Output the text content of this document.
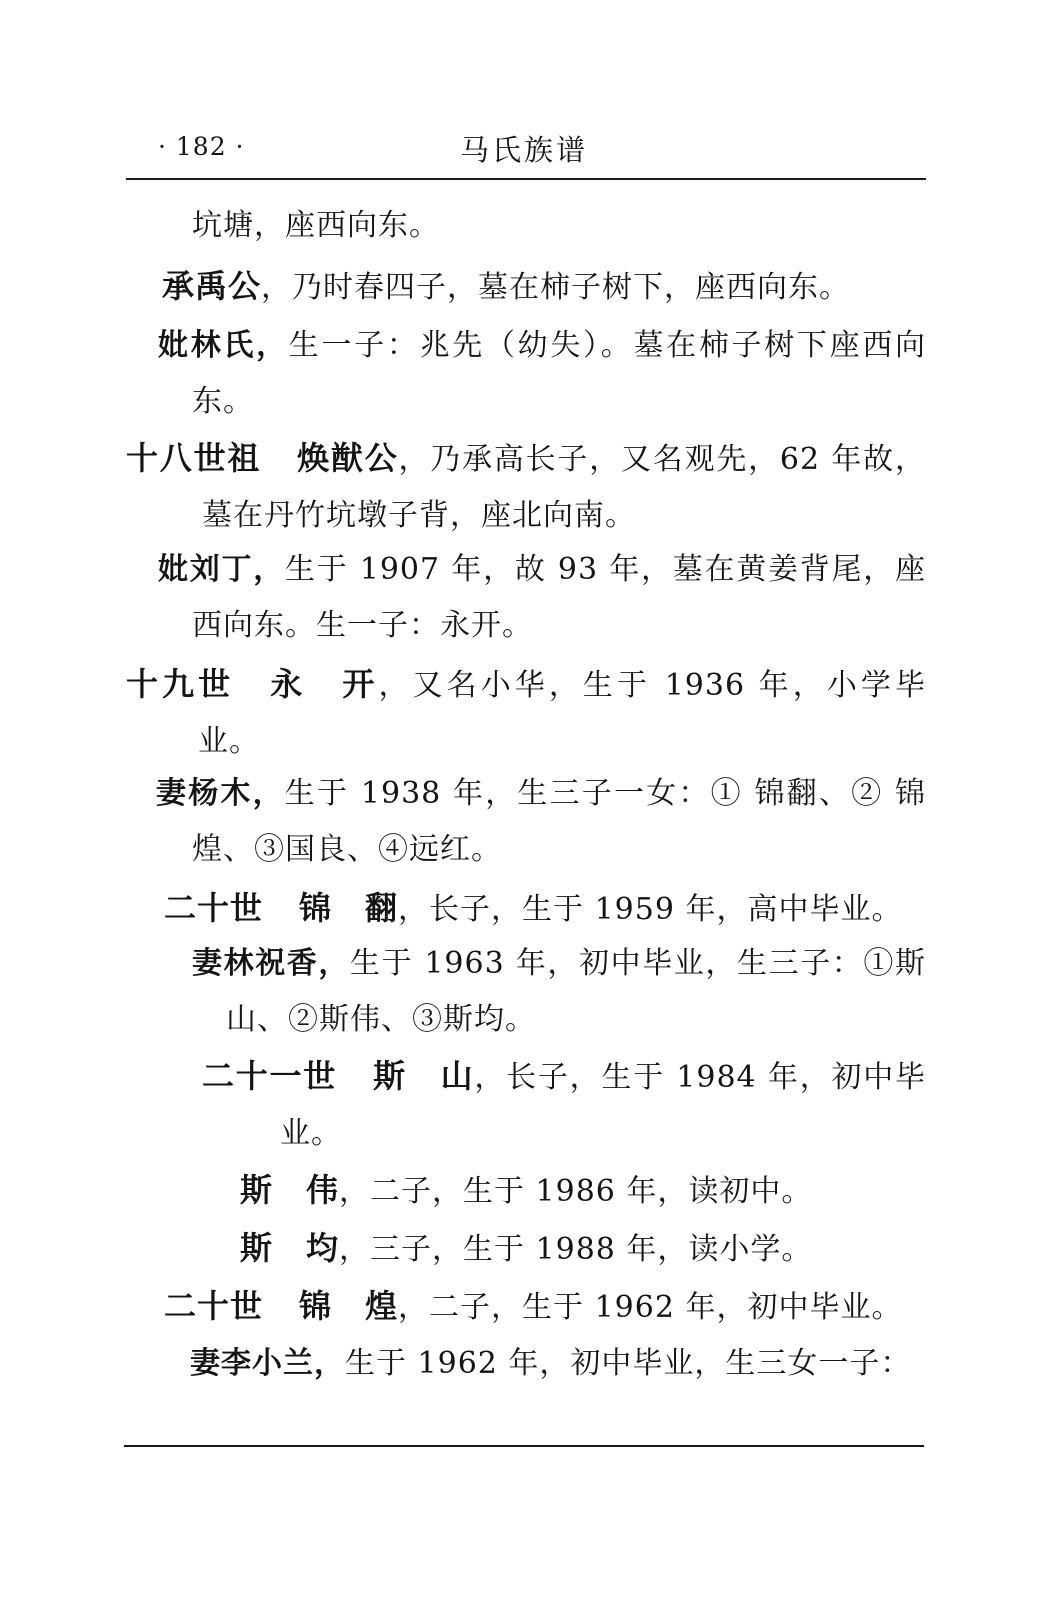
· 182 ·	马氏族谱
坑塘，座西向东。
承禹公，乃时春四子，墓在柿子树下，座西向东。
妣林氏，生一子：兆先（幼失）。墓在柿子树下座西向东。
十八世祖 焕猷公，乃承高长子，又名观先，62 年故，墓在丹竹坑墩子背，座北向南。
妣刘丁，生于 1907 年，故 93 年，墓在黄姜背尾，座西向东。生一子：永开。
十九世 永　开，又名小华，生于 1936 年，小学毕业。
妻杨木，生于 1938 年，生三子一女：① 锦翻、② 锦煌、③国良、④远红。
二十世 锦　翻，长子，生于 1959 年，高中毕业。
妻林祝香，生于 1963 年，初中毕业，生三子：①斯山、②斯伟、③斯均。
二十一世 斯　山，长子，生于 1984 年，初中毕业。
斯　伟，二子，生于 1986 年，读初中。
斯　均，三子，生于 1988 年，读小学。
二十世 锦　煌，二子，生于 1962 年，初中毕业。
妻李小兰，生于 1962 年，初中毕业，生三女一子：
